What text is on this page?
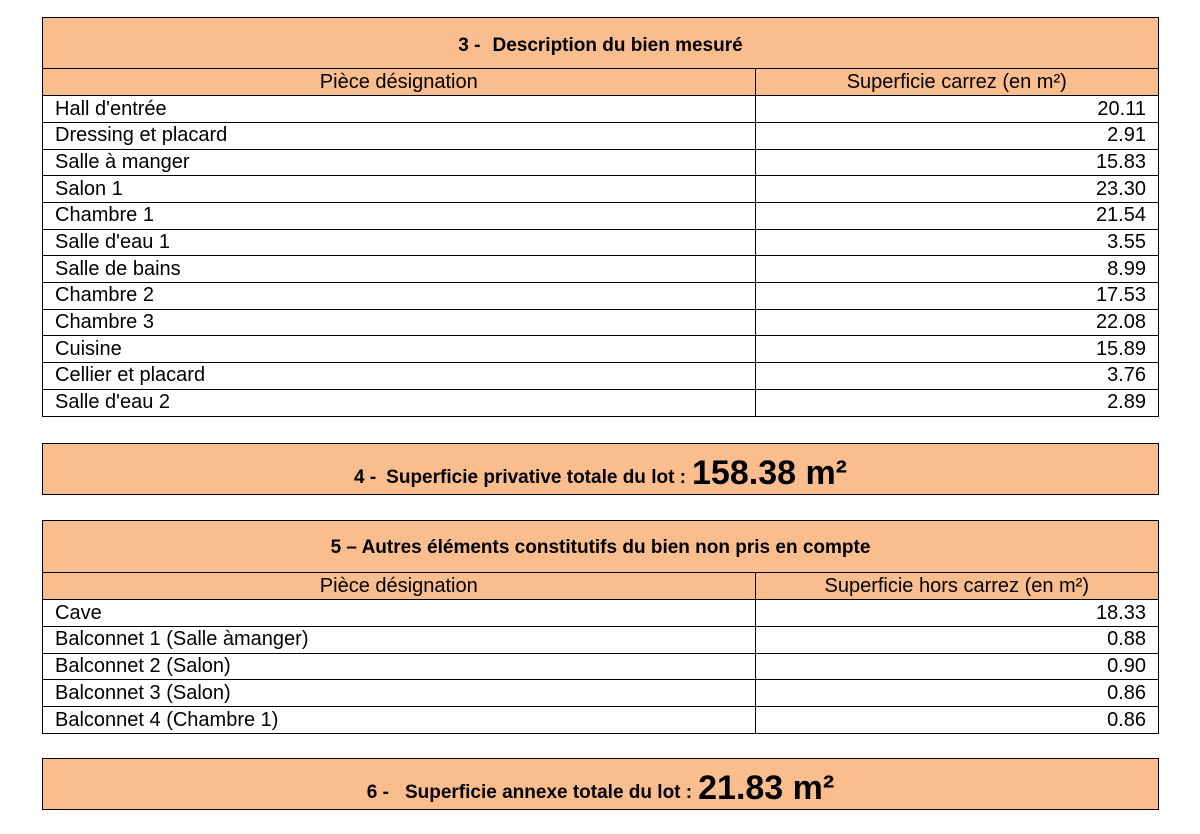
3 - Description du bien mesuré
Pièce désignation	Superficie carrez (en m²)
Hall d'entrée	20.11
Dressing et placard	2.91
Salle à manger	15.83
Salon 1	23.30
Chambre 1	21.54
Salle d'eau 1	3.55
Salle de bains	8.99
Chambre 2	17.53
Chambre 3	22.08
Cuisine	15.89
Cellier et placard	3.76
Salle d'eau 2	2.89
4 - Superficie privative totale du lot : 158.38 m²
5 – Autres éléments constitutifs du bien non pris en compte
Pièce désignation	Superficie hors carrez (en m²)
Cave	18.33
Balconnet 1 (Salle àmanger)	0.88
Balconnet 2 (Salon)	0.90
Balconnet 3 (Salon)	0.86
Balconnet 4 (Chambre 1)	0.86
6 - Superficie annexe totale du lot : 21.83 m²
